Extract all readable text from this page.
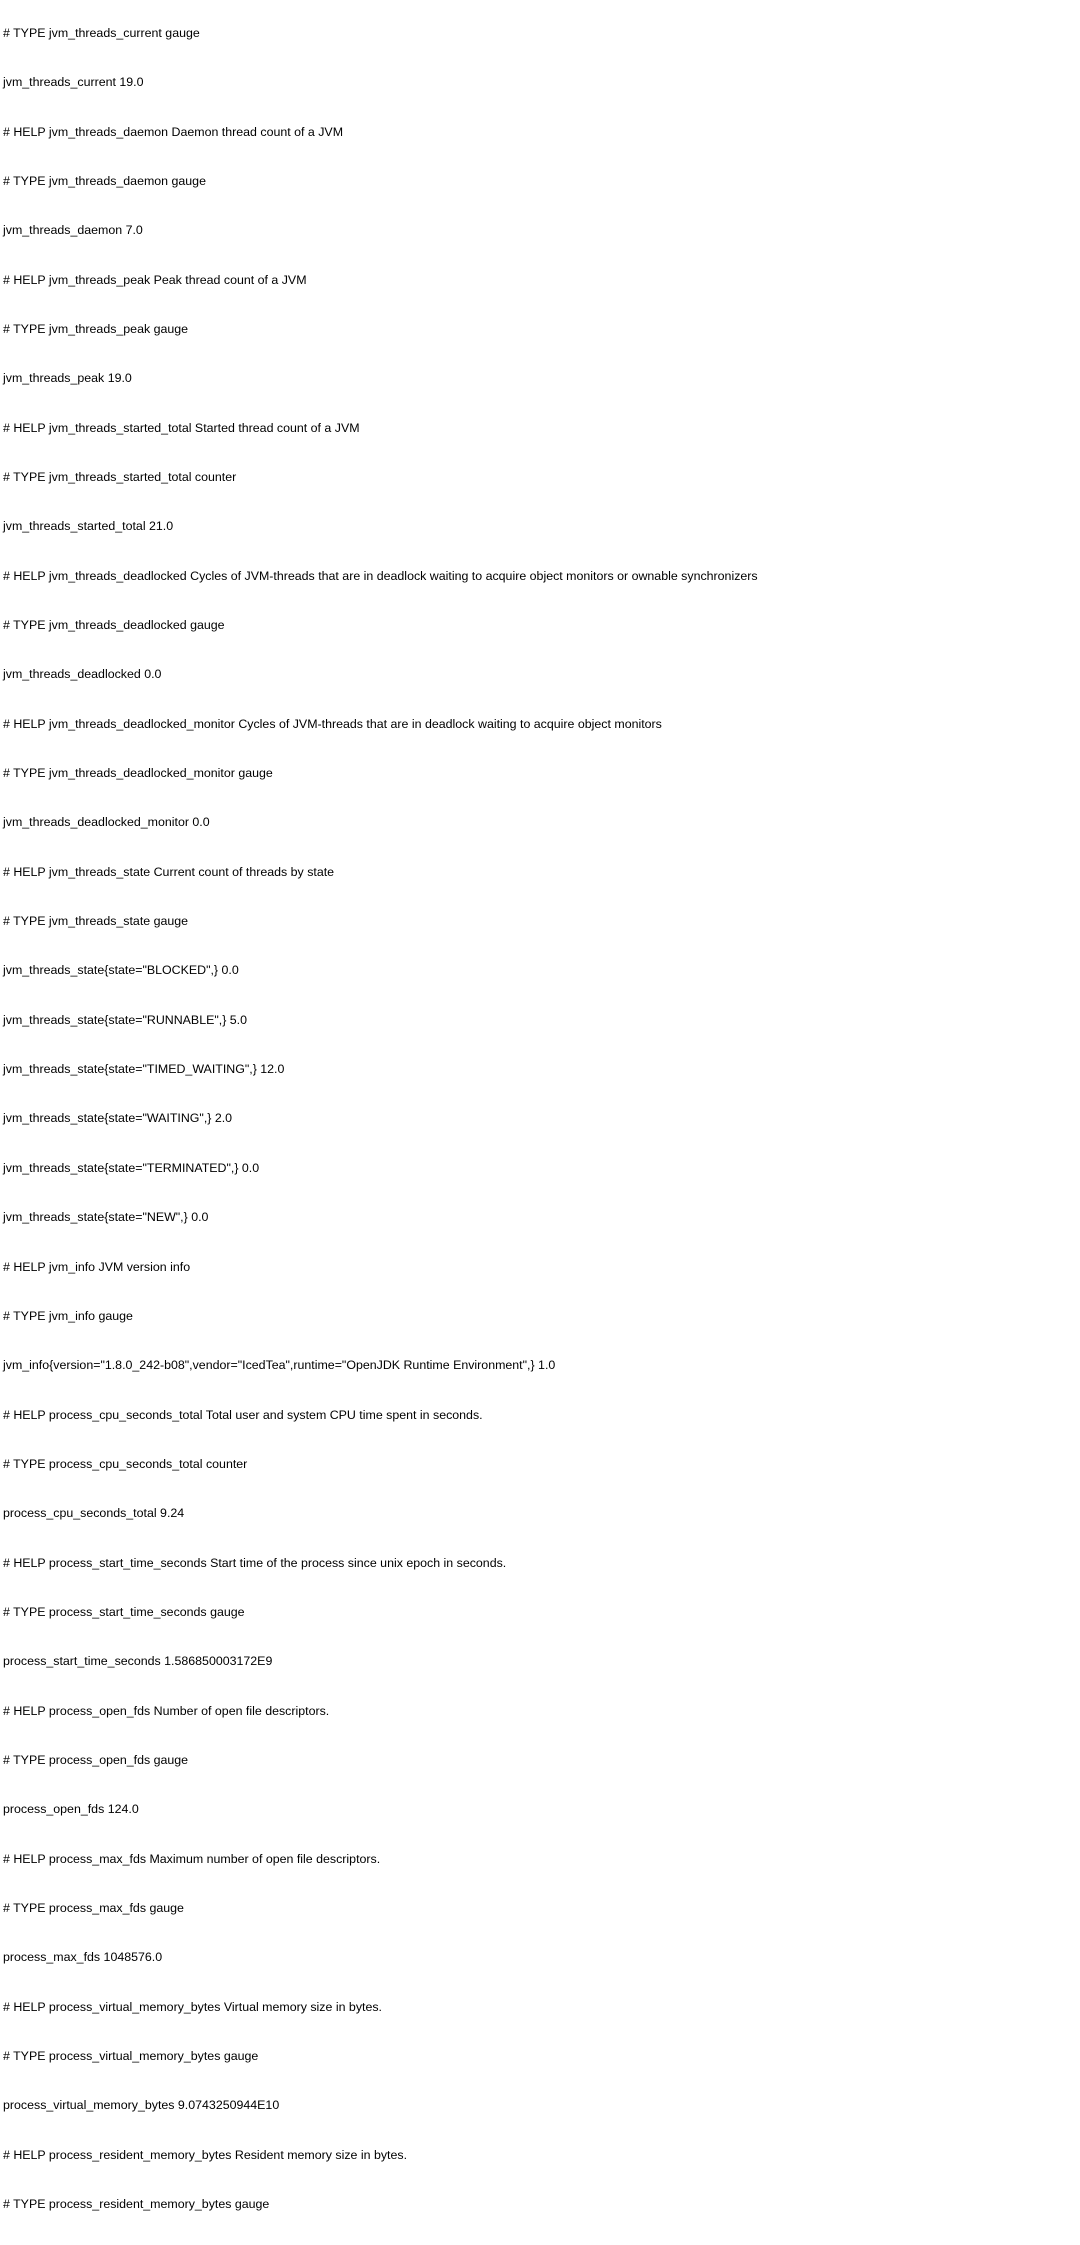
# TYPE jvm_threads_current gauge

jvm_threads_current 19.0

# HELP jvm_threads_daemon Daemon thread count of a JVM

# TYPE jvm_threads_daemon gauge

jvm_threads_daemon 7.0

# HELP jvm_threads_peak Peak thread count of a JVM

# TYPE jvm_threads_peak gauge

jvm_threads_peak 19.0

# HELP jvm_threads_started_total Started thread count of a JVM

# TYPE jvm_threads_started_total counter

jvm_threads_started_total 21.0

# HELP jvm_threads_deadlocked Cycles of JVM-threads that are in deadlock waiting to acquire object monitors or ownable synchronizers

# TYPE jvm_threads_deadlocked gauge

jvm_threads_deadlocked 0.0

# HELP jvm_threads_deadlocked_monitor Cycles of JVM-threads that are in deadlock waiting to acquire object monitors

# TYPE jvm_threads_deadlocked_monitor gauge

jvm_threads_deadlocked_monitor 0.0

# HELP jvm_threads_state Current count of threads by state

# TYPE jvm_threads_state gauge

jvm_threads_state{state="BLOCKED",} 0.0

jvm_threads_state{state="RUNNABLE",} 5.0

jvm_threads_state{state="TIMED_WAITING",} 12.0

jvm_threads_state{state="WAITING",} 2.0

jvm_threads_state{state="TERMINATED",} 0.0

jvm_threads_state{state="NEW",} 0.0

# HELP jvm_info JVM version info

# TYPE jvm_info gauge

jvm_info{version="1.8.0_242-b08",vendor="IcedTea",runtime="OpenJDK Runtime Environment",} 1.0

# HELP process_cpu_seconds_total Total user and system CPU time spent in seconds.

# TYPE process_cpu_seconds_total counter

process_cpu_seconds_total 9.24

# HELP process_start_time_seconds Start time of the process since unix epoch in seconds.

# TYPE process_start_time_seconds gauge

process_start_time_seconds 1.586850003172E9

# HELP process_open_fds Number of open file descriptors.

# TYPE process_open_fds gauge

process_open_fds 124.0

# HELP process_max_fds Maximum number of open file descriptors.

# TYPE process_max_fds gauge

process_max_fds 1048576.0

# HELP process_virtual_memory_bytes Virtual memory size in bytes.

# TYPE process_virtual_memory_bytes gauge

process_virtual_memory_bytes 9.0743250944E10

# HELP process_resident_memory_bytes Resident memory size in bytes.

# TYPE process_resident_memory_bytes gauge
